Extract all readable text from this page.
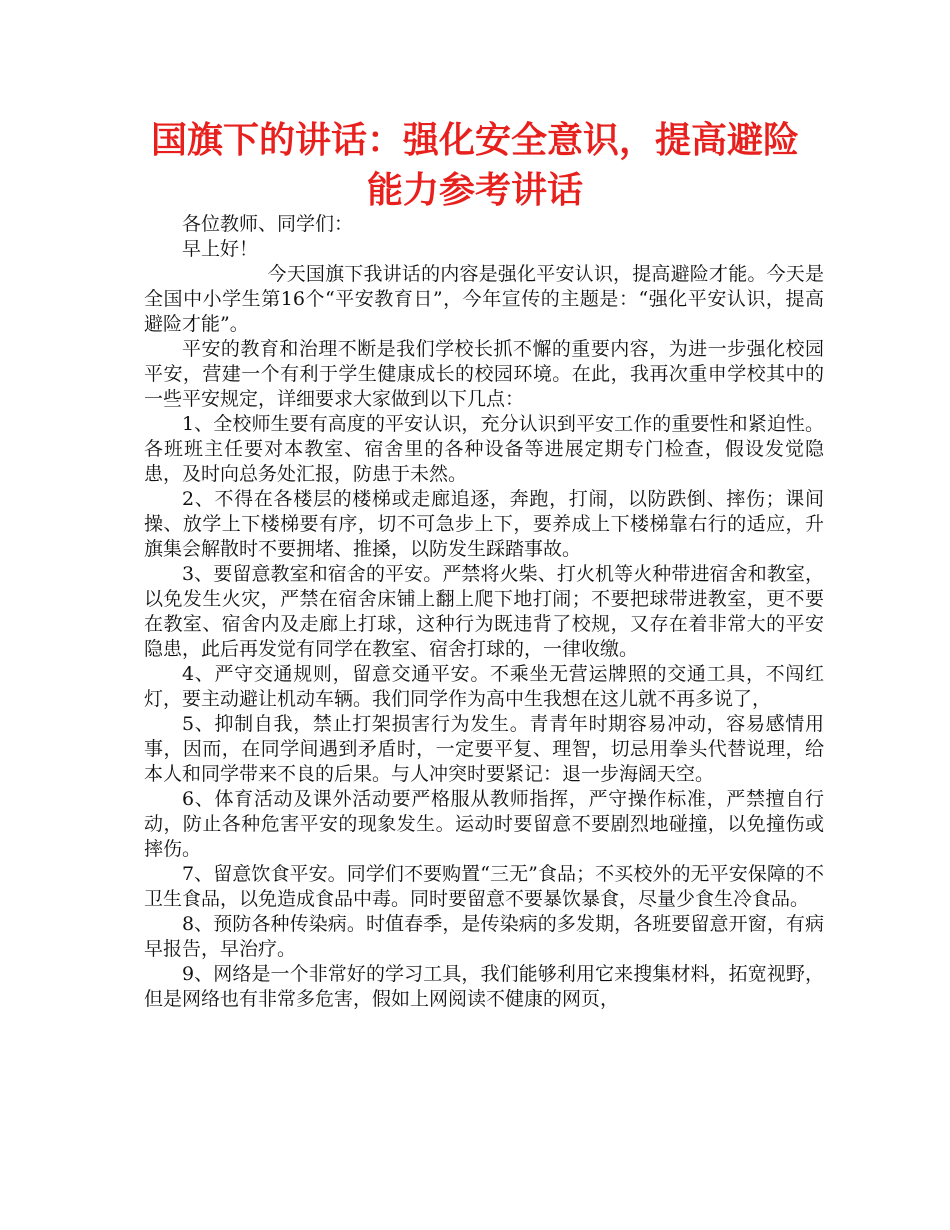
国旗下的讲话：强化安全意识，提高避险
能力参考讲话

各位教师、同学们：

早上好！

今天国旗下我讲话的内容是强化平安认识，提高避险才能。今天是全国中小学生第16个“平安教育日”，今年宣传的主题是：“强化平安认识，提高避险才能”。

平安的教育和治理不断是我们学校长抓不懈的重要内容，为进一步强化校园平安，营建一个有利于学生健康成长的校园环境。在此，我再次重申学校其中的一些平安规定，详细要求大家做到以下几点：

1、全校师生要有高度的平安认识，充分认识到平安工作的重要性和紧迫性。各班班主任要对本教室、宿舍里的各种设备等进展定期专门检查，假设发觉隐患，及时向总务处汇报，防患于未然。

2、不得在各楼层的楼梯或走廊追逐，奔跑，打闹，以防跌倒、摔伤；课间操、放学上下楼梯要有序，切不可急步上下，要养成上下楼梯靠右行的适应，升旗集会解散时不要拥堵、推搡，以防发生踩踏事故。

3、要留意教室和宿舍的平安。严禁将火柴、打火机等火种带进宿舍和教室，以免发生火灾，严禁在宿舍床铺上翻上爬下地打闹；不要把球带进教室，更不要在教室、宿舍内及走廊上打球，这种行为既违背了校规，又存在着非常大的平安隐患，此后再发觉有同学在教室、宿舍打球的，一律收缴。

4、严守交通规则，留意交通平安。不乘坐无营运牌照的交通工具，不闯红灯，要主动避让机动车辆。我们同学作为高中生我想在这儿就不再多说了，

5、抑制自我，禁止打架损害行为发生。青青年时期容易冲动，容易感情用事，因而，在同学间遇到矛盾时，一定要平复、理智，切忌用拳头代替说理，给本人和同学带来不良的后果。与人冲突时要紧记：退一步海阔天空。

6、体育活动及课外活动要严格服从教师指挥，严守操作标准，严禁擅自行动，防止各种危害平安的现象发生。运动时要留意不要剧烈地碰撞，以免撞伤或摔伤。

7、留意饮食平安。同学们不要购置“三无”食品；不买校外的无平安保障的不卫生食品，以免造成食品中毒。同时要留意不要暴饮暴食，尽量少食生冷食品。

8、预防各种传染病。时值春季，是传染病的多发期，各班要留意开窗，有病早报告，早治疗。

9、网络是一个非常好的学习工具，我们能够利用它来搜集材料，拓宽视野，但是网络也有非常多危害，假如上网阅读不健康的网页，
